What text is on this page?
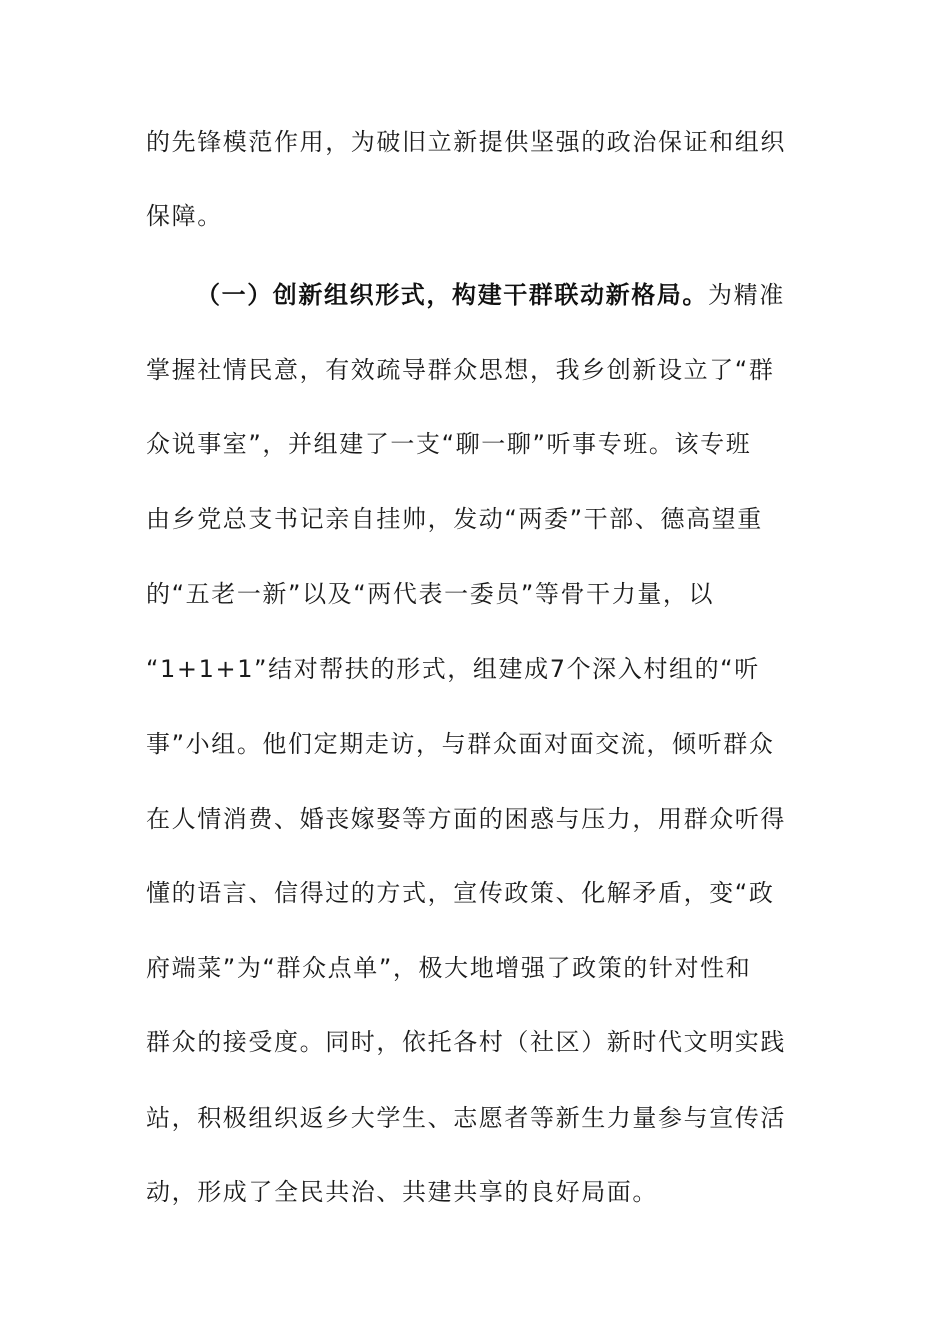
的先锋模范作用，为破旧立新提供坚强的政治保证和组织
保障。
（一）创新组织形式，构建干群联动新格局。为精准
掌握社情民意，有效疏导群众思想，我乡创新设立了“群
众说事室”，并组建了一支“聊一聊”听事专班。该专班
由乡党总支书记亲自挂帅，发动“两委”干部、德高望重
的“五老一新”以及“两代表一委员”等骨干力量，以
“1+1+1”结对帮扶的形式，组建成7个深入村组的“听
事”小组。他们定期走访，与群众面对面交流，倾听群众
在人情消费、婚丧嫁娶等方面的困惑与压力，用群众听得
懂的语言、信得过的方式，宣传政策、化解矛盾，变“政
府端菜”为“群众点单”，极大地增强了政策的针对性和
群众的接受度。同时，依托各村（社区）新时代文明实践
站，积极组织返乡大学生、志愿者等新生力量参与宣传活
动，形成了全民共治、共建共享的良好局面。
